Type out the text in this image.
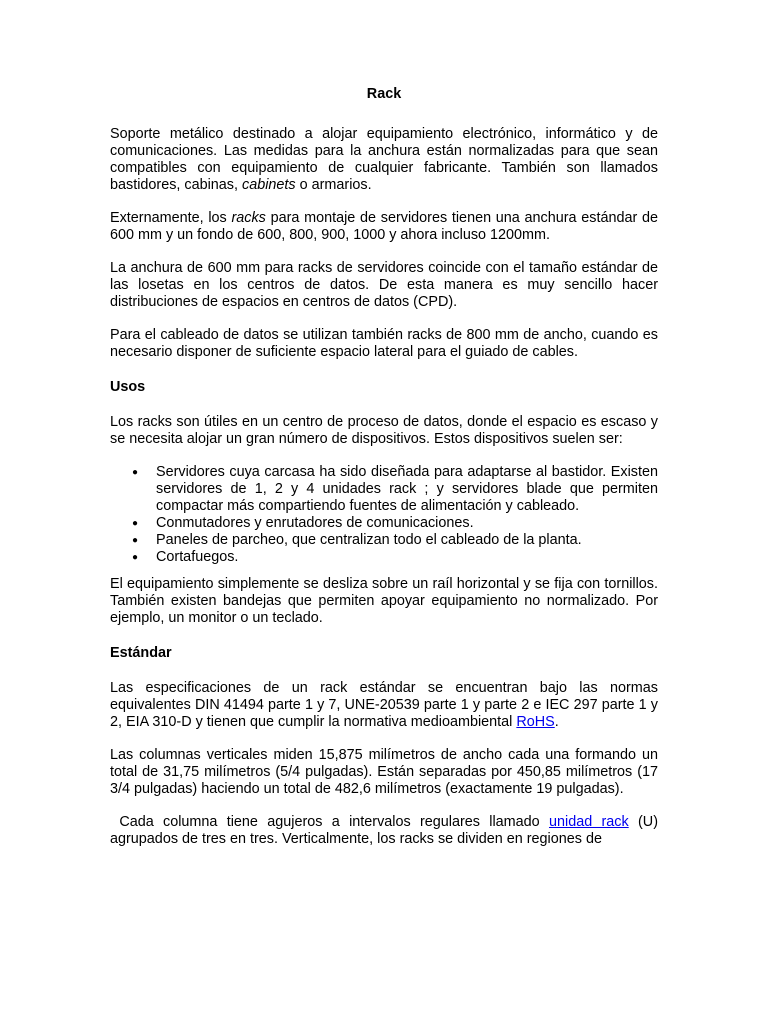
Rack

Soporte metálico destinado a alojar equipamiento electrónico, informático y de comunicaciones. Las medidas para la anchura están normalizadas para que sean compatibles con equipamiento de cualquier fabricante. También son llamados bastidores, cabinas, cabinets o armarios.

Externamente, los racks para montaje de servidores tienen una anchura estándar de 600 mm y un fondo de 600, 800, 900, 1000 y ahora incluso 1200mm.

La anchura de 600 mm para racks de servidores coincide con el tamaño estándar de las losetas en los centros de datos. De esta manera es muy sencillo hacer distribuciones de espacios en centros de datos (CPD).

Para el cableado de datos se utilizan también racks de 800 mm de ancho, cuando es necesario disponer de suficiente espacio lateral para el guiado de cables.

Usos

Los racks son útiles en un centro de proceso de datos, donde el espacio es escaso y se necesita alojar un gran número de dispositivos. Estos dispositivos suelen ser:

● Servidores cuya carcasa ha sido diseñada para adaptarse al bastidor. Existen servidores de 1, 2 y 4 unidades rack ; y servidores blade que permiten compactar más compartiendo fuentes de alimentación y cableado.
● Conmutadores y enrutadores de comunicaciones.
● Paneles de parcheo, que centralizan todo el cableado de la planta.
● Cortafuegos.

El equipamiento simplemente se desliza sobre un raíl horizontal y se fija con tornillos. También existen bandejas que permiten apoyar equipamiento no normalizado. Por ejemplo, un monitor o un teclado.

Estándar

Las especificaciones de un rack estándar se encuentran bajo las normas equivalentes DIN 41494 parte 1 y 7, UNE-20539 parte 1 y parte 2 e IEC 297 parte 1 y 2, EIA 310-D y tienen que cumplir la normativa medioambiental RoHS.

Las columnas verticales miden 15,875 milímetros de ancho cada una formando un total de 31,75 milímetros (5/4 pulgadas). Están separadas por 450,85 milímetros (17 3/4 pulgadas) haciendo un total de 482,6 milímetros (exactamente 19 pulgadas).

Cada columna tiene agujeros a intervalos regulares llamado unidad rack (U) agrupados de tres en tres. Verticalmente, los racks se dividen en regiones de
